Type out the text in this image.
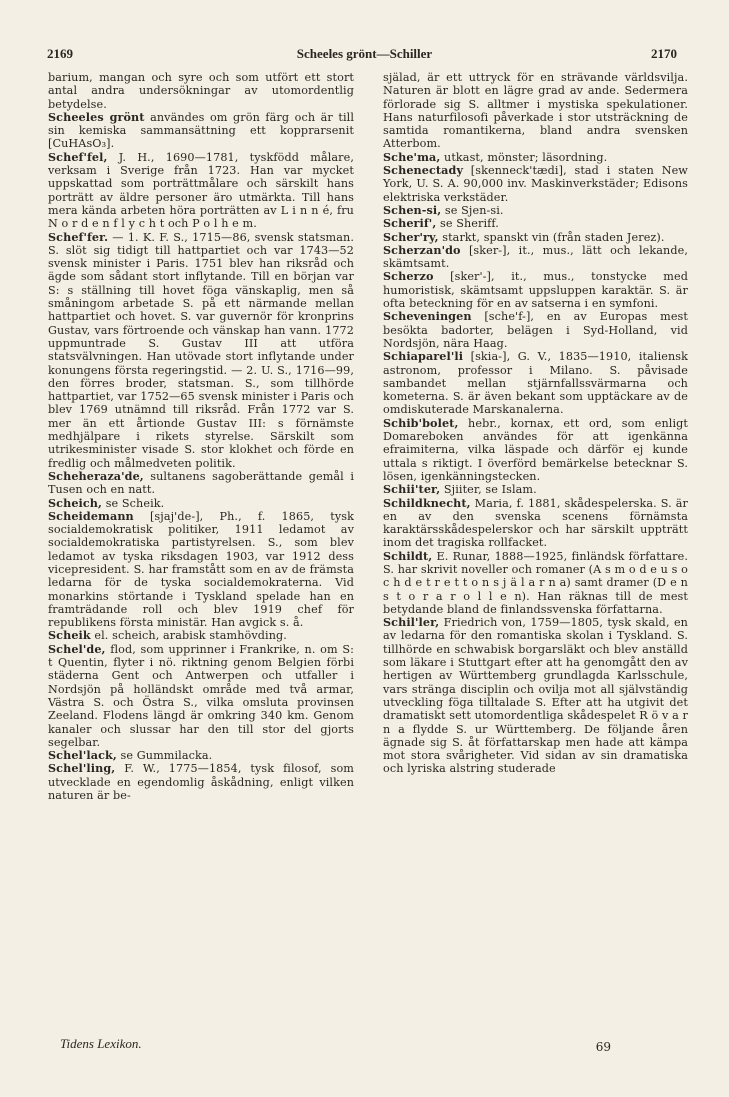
2169	Scheeles grönt—Schiller	2170

barium, mangan och syre och som utfört ett stort antal andra undersökningar av utomordentlig betydelse.

Scheeles grönt användes om grön färg och är till sin kemiska sammansättning ett kopprarsenit [CuHAsO₃].

Schef'fel, J. H., 1690—1781, tyskfödd målare, verksam i Sverige från 1723. Han var mycket uppskattad som porträttmålare och särskilt hans porträtt av äldre personer äro utmärkta. Till hans mera kända arbeten höra porträtten av L i n n é, fru N o r d e n f l y c h t och P o l h e m.

Schef'fer. — 1. K. F. S., 1715—86, svensk statsman. S. slöt sig tidigt till hattpartiet och var 1743—52 svensk minister i Paris. 1751 blev han riksråd och ägde som sådant stort inflytande. Till en början var S: s ställning till hovet föga vänskaplig, men så småningom arbetade S. på ett närmande mellan hattpartiet och hovet. S. var guvernör för kronprins Gustav, vars förtroende och vänskap han vann. 1772 uppmuntrade S. Gustav III att utföra statsvälvningen. Han utövade stort inflytande under konungens första regeringstid. — 2. U. S., 1716—99, den förres broder, statsman. S., som tillhörde hattpartiet, var 1752—65 svensk minister i Paris och blev 1769 utnämnd till riksråd. Från 1772 var S. mer än ett årtionde Gustav III: s förnämste medhjälpare i rikets styrelse. Särskilt som utrikesminister visade S. stor klokhet och förde en fredlig och målmedveten politik.

Scheheraza'de, sultanens sagoberättande gemål i Tusen och en natt.

Scheich, se Scheik.

Scheidemann [sjaj'de-], Ph., f. 1865, tysk socialdemokratisk politiker, 1911 ledamot av socialdemokratiska partistyrelsen. S., som blev ledamot av tyska riksdagen 1903, var 1912 dess vicepresident. S. har framstått som en av de främsta ledarna för de tyska socialdemokraterna. Vid monarkins störtande i Tyskland spelade han en framträdande roll och blev 1919 chef för republikens första ministär. Han avgick s. å.

Scheik el. scheich, arabisk stamhövding.

Schel'de, flod, som upprinner i Frankrike, n. om S: t Quentin, flyter i nö. riktning genom Belgien förbi städerna Gent och Antwerpen och utfaller i Nordsjön på holländskt område med två armar, Västra S. och Östra S., vilka omsluta provinsen Zeeland. Flodens längd är omkring 340 km. Genom kanaler och slussar har den till stor del gjorts segelbar.

Schel'lack, se Gummilacka.

Schel'ling, F. W., 1775—1854, tysk filosof, som utvecklade en egendomlig åskådning, enligt vilken naturen är be-

själad, är ett uttryck för en strävande världsvilja. Naturen är blott en lägre grad av ande. Sedermera förlorade sig S. alltmer i mystiska spekulationer. Hans naturfilosofi påverkade i stor utsträckning de samtida romantikerna, bland andra svensken Atterbom.

Sche'ma, utkast, mönster; läsordning.

Schenectady [skenneck'tædi], stad i staten New York, U. S. A. 90,000 inv. Maskinverkstäder; Edisons elektriska verkstäder.

Schen-si, se Sjen-si.

Scherif', se Sheriff.

Scher'ry, starkt, spanskt vin (från staden Jerez).

Scherzan'do [sker-], it., mus., lätt och lekande, skämtsamt.

Scherzo [sker'-], it., mus., tonstycke med humoristisk, skämtsamt uppsluppen karaktär. S. är ofta beteckning för en av satserna i en symfoni.

Scheveningen [sche'f-], en av Europas mest besökta badorter, belägen i Syd-Holland, vid Nordsjön, nära Haag.

Schiaparel'li [skia-], G. V., 1835—1910, italiensk astronom, professor i Milano. S. påvisade sambandet mellan stjärnfallssvärmarna och kometerna. S. är även bekant som upptäckare av de omdiskuterade Marskanalerna.

Schib'bolet, hebr., kornax, ett ord, som enligt Domareboken användes för att igenkänna efraimiterna, vilka läspade och därför ej kunde uttala s riktigt. I överförd bemärkelse betecknar S. lösen, igenkänningstecken.

Schii'ter, Sjiiter, se Islam.

Schildknecht, Maria, f. 1881, skådespelerska. S. är en av den svenska scenens förnämsta karaktärsskådespelerskor och har särskilt uppträtt inom det tragiska rollfacket.

Schildt, E. Runar, 1888—1925, finländsk författare. S. har skrivit noveller och romaner (A s m o d e u s o c h d e t r e t t o n s j ä l a r n a) samt dramer (D e n s t o r a r o l l e n). Han räknas till de mest betydande bland de finlandssvenska författarna.

Schil'ler, Friedrich von, 1759—1805, tysk skald, en av ledarna för den romantiska skolan i Tyskland. S. tillhörde en schwabisk borgarsläkt och blev anställd som läkare i Stuttgart efter att ha genomgått den av hertigen av Württemberg grundlagda Karlsschule, vars stränga disciplin och ovilja mot all självständig utveckling föga tilltalade S. Efter att ha utgivit det dramatiskt sett utomordentliga skådespelet R ö v a r n a flydde S. ur Württemberg. De följande åren ägnade sig S. åt författarskap men hade att kämpa mot stora svårigheter. Vid sidan av sin dramatiska och lyriska alstring studerade

Tidens Lexikon.	69
